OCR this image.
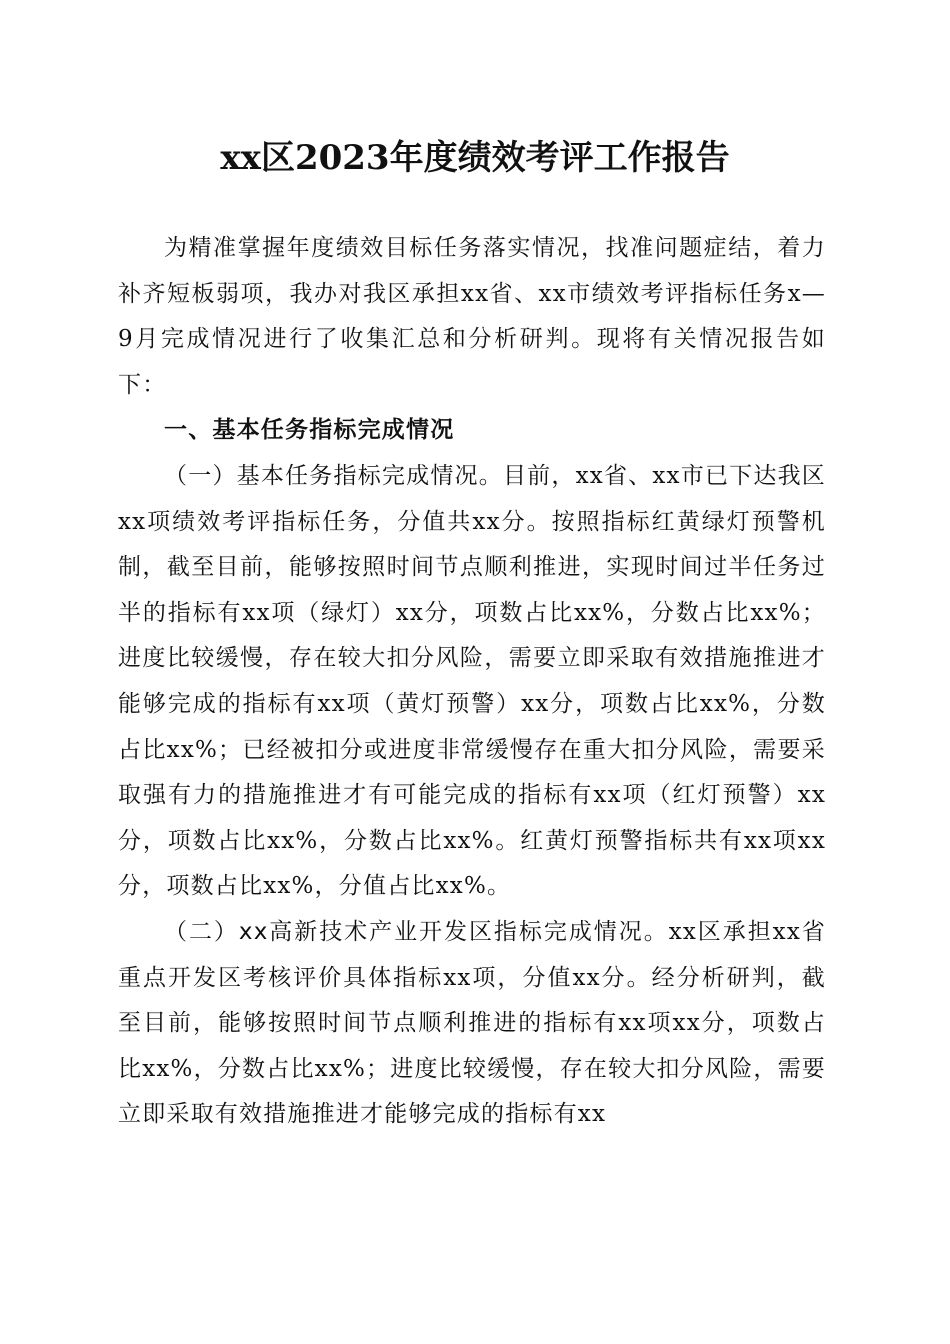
xx区2023年度绩效考评工作报告

为精准掌握年度绩效目标任务落实情况，找准问题症结，着力补齐短板弱项，我办对我区承担xx省、xx市绩效考评指标任务x—9月完成情况进行了收集汇总和分析研判。现将有关情况报告如下：

一、基本任务指标完成情况

（一）基本任务指标完成情况。目前，xx省、xx市已下达我区xx项绩效考评指标任务，分值共xx分。按照指标红黄绿灯预警机制，截至目前，能够按照时间节点顺利推进，实现时间过半任务过半的指标有xx项（绿灯）xx分，项数占比xx%，分数占比xx%；进度比较缓慢，存在较大扣分风险，需要立即采取有效措施推进才能够完成的指标有xx项（黄灯预警）xx分，项数占比xx%，分数占比xx%；已经被扣分或进度非常缓慢存在重大扣分风险，需要采取强有力的措施推进才有可能完成的指标有xx项（红灯预警）xx分，项数占比xx%，分数占比xx%。红黄灯预警指标共有xx项xx分，项数占比xx%，分值占比xx%。

（二）xx高新技术产业开发区指标完成情况。xx区承担xx省重点开发区考核评价具体指标xx项，分值xx分。经分析研判，截至目前，能够按照时间节点顺利推进的指标有xx项xx分，项数占比xx%，分数占比xx%；进度比较缓慢，存在较大扣分风险，需要立即采取有效措施推进才能够完成的指标有xx
